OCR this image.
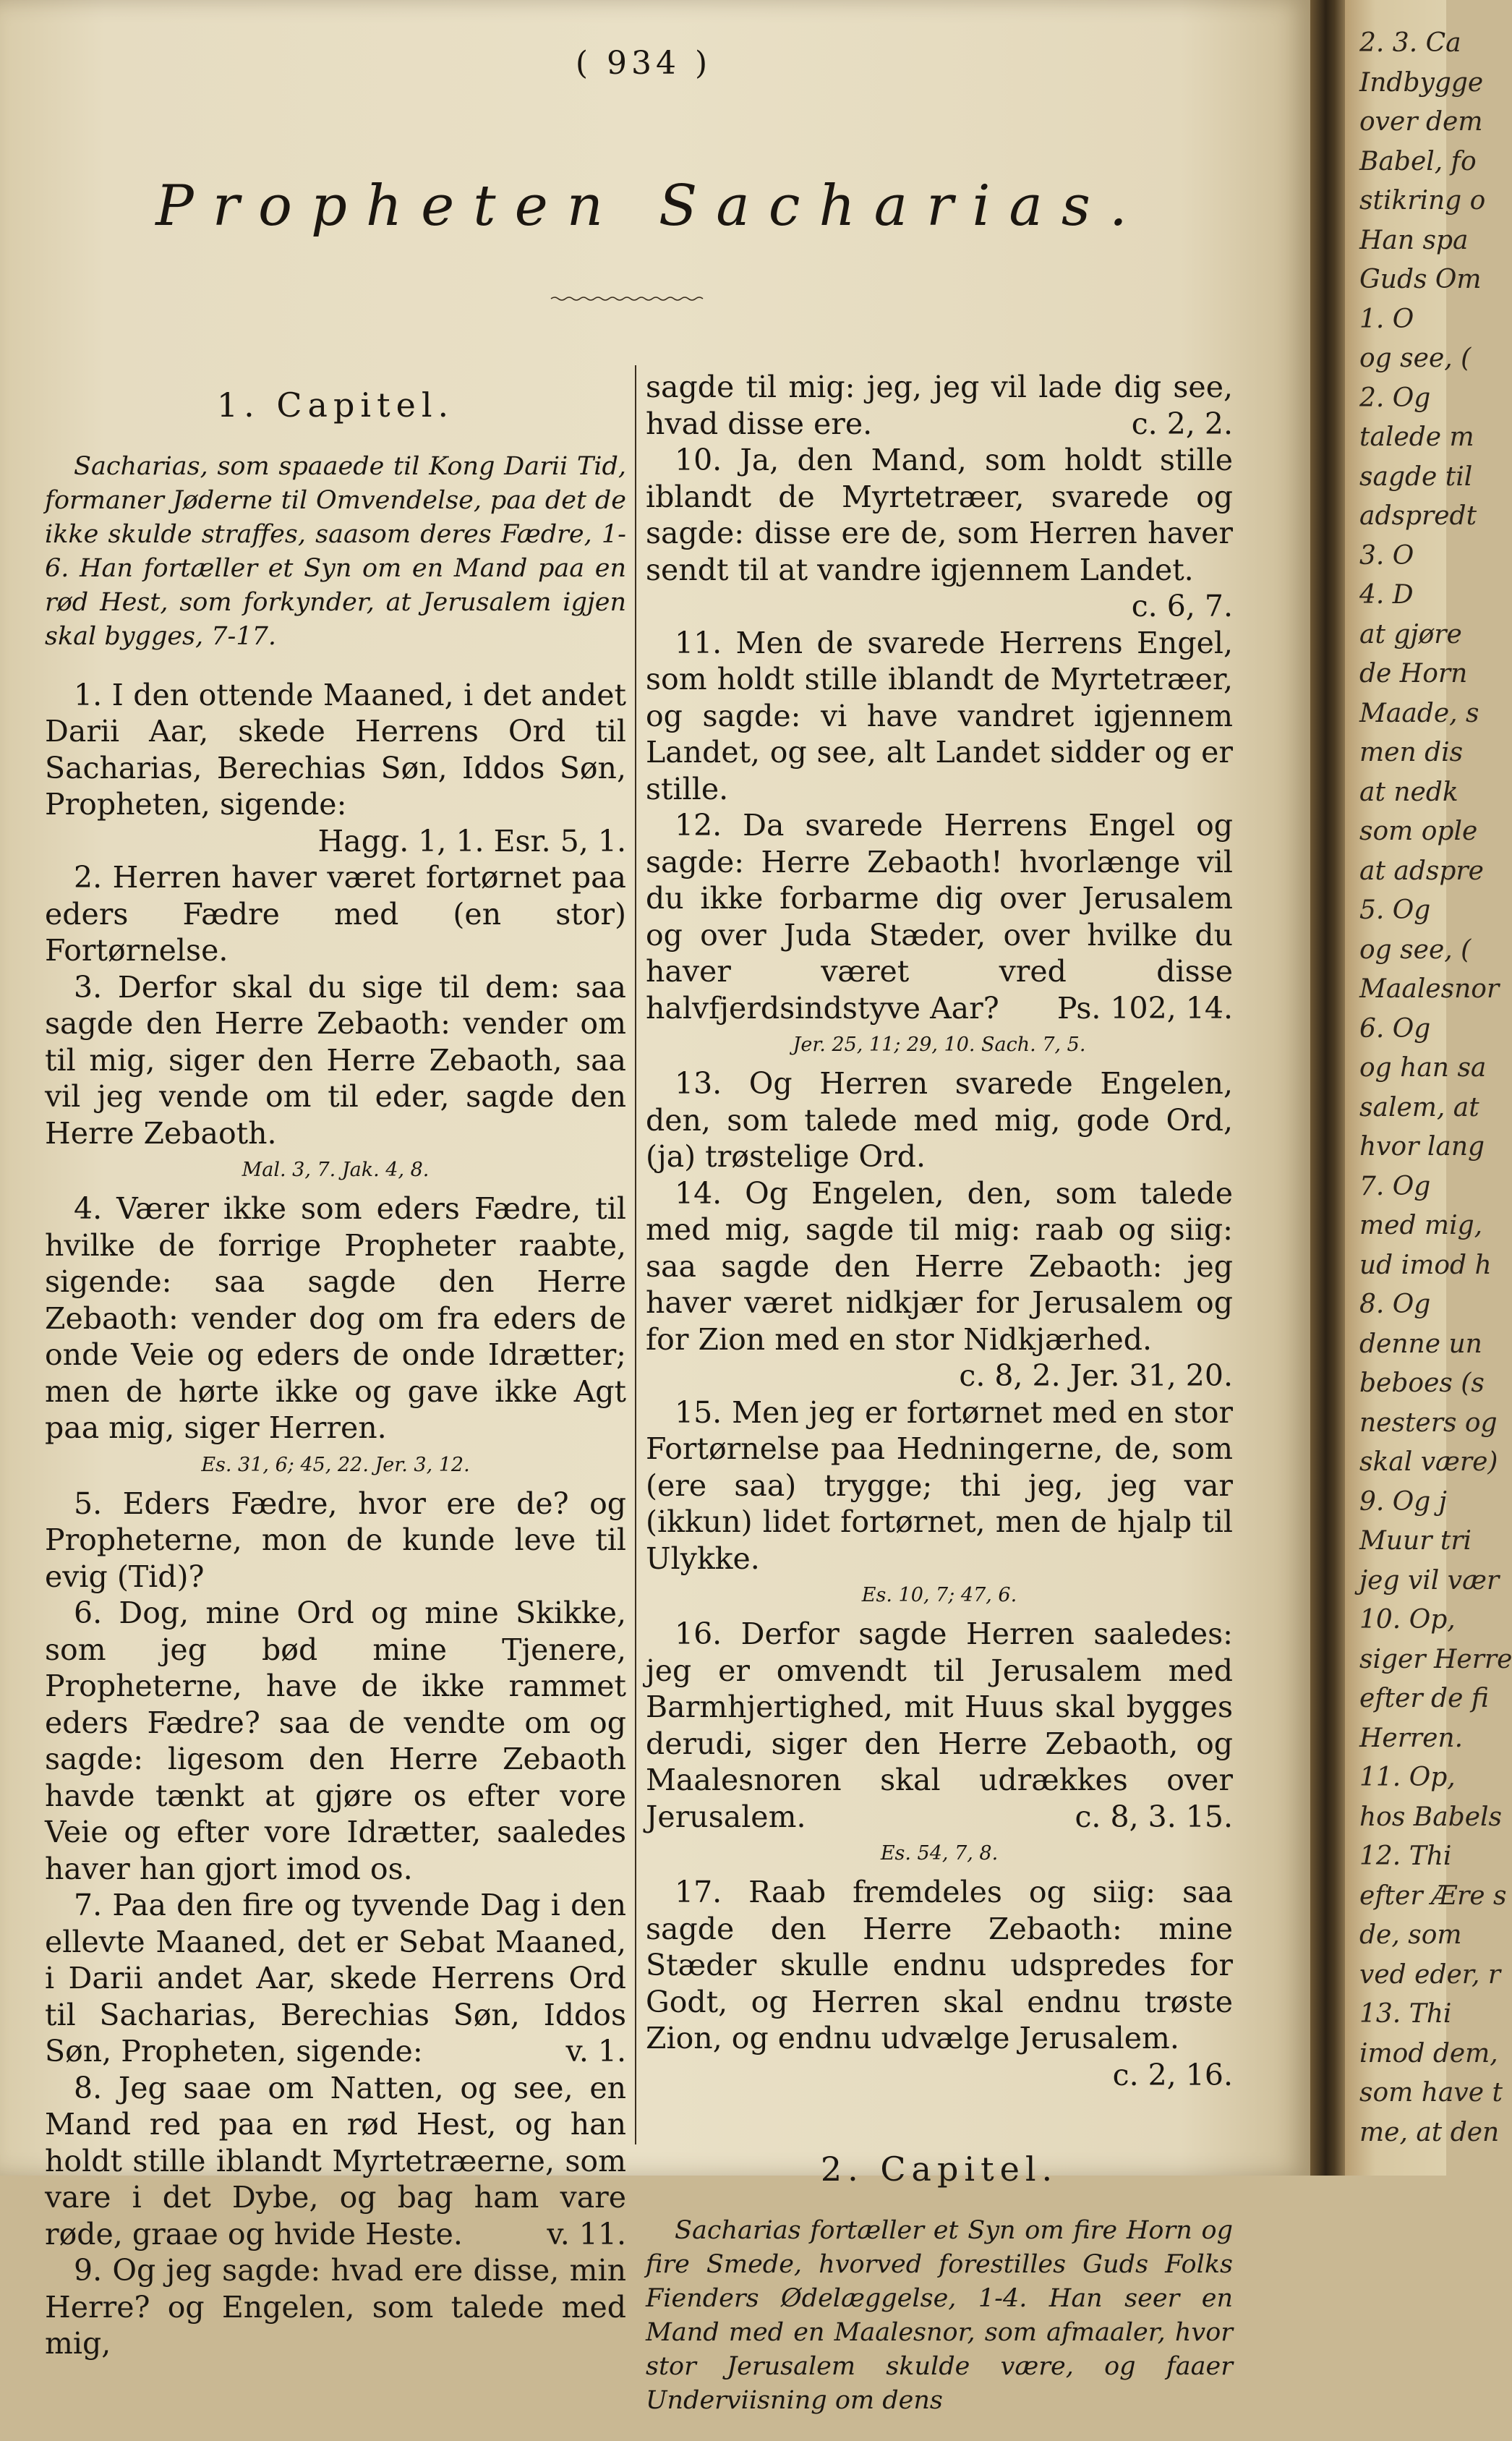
( 934 )
Propheten Sacharias.
1. Capitel.

Sacharias, som spaaede til Kong Darii Tid, formaner Jøderne til Omvendelse, paa det de ikke skulde straffes, saasom deres Fædre, 1-6. Han fortæller et Syn om en Mand paa en rød Hest, som forkynder, at Jerusalem igjen skal bygges, 7-17.

1. I den ottende Maaned, i det andet Darii Aar, skede Herrens Ord til Sacharias, Berechias Søn, Iddos Søn, Propheten, sigende:
Hagg. 1, 1. Esr. 5, 1.

2. Herren haver været fortørnet paa eders Fædre med (en stor) Fortørnelse.

3. Derfor skal du sige til dem: saa sagde den Herre Zebaoth: vender om til mig, siger den Herre Zebaoth, saa vil jeg vende om til eder, sagde den Herre Zebaoth.

Mal. 3, 7. Jak. 4, 8.

4. Værer ikke som eders Fædre, til hvilke de forrige Propheter raabte, sigende: saa sagde den Herre Zebaoth: vender dog om fra eders de onde Veie og eders de onde Idrætter; men de hørte ikke og gave ikke Agt paa mig, siger Herren.

Es. 31, 6; 45, 22. Jer. 3, 12.

5. Eders Fædre, hvor ere de? og Propheterne, mon de kunde leve til evig (Tid)?

6. Dog, mine Ord og mine Skikke, som jeg bød mine Tjenere, Propheterne, have de ikke rammet eders Fædre? saa de vendte om og sagde: ligesom den Herre Zebaoth havde tænkt at gjøre os efter vore Veie og efter vore Idrætter, saaledes haver han gjort imod os.

7. Paa den fire og tyvende Dag i den ellevte Maaned, det er Sebat Maaned, i Darii andet Aar, skede Herrens Ord til Sacharias, Berechias Søn, Iddos Søn, Propheten, sigende:	v. 1.

8. Jeg saae om Natten, og see, en Mand red paa en rød Hest, og han holdt stille iblandt Myrtetræerne, som vare i det Dybe, og bag ham vare røde, graae og hvide Heste.	v. 11.

9. Og jeg sagde: hvad ere disse, min Herre? og Engelen, som talede med mig,

sagde til mig: jeg, jeg vil lade dig see, hvad disse ere.	c. 2, 2.

10. Ja, den Mand, som holdt stille iblandt de Myrtetræer, svarede og sagde: disse ere de, som Herren haver sendt til at vandre igjennem Landet.
c. 6, 7.

11. Men de svarede Herrens Engel, som holdt stille iblandt de Myrtetræer, og sagde: vi have vandret igjennem Landet, og see, alt Landet sidder og er stille.

12. Da svarede Herrens Engel og sagde: Herre Zebaoth! hvorlænge vil du ikke forbarme dig over Jerusalem og over Juda Stæder, over hvilke du haver været vred disse halvfjerdsindstyve Aar?	Ps. 102, 14.

Jer. 25, 11; 29, 10. Sach. 7, 5.

13. Og Herren svarede Engelen, den, som talede med mig, gode Ord, (ja) trøstelige Ord.

14. Og Engelen, den, som talede med mig, sagde til mig: raab og siig: saa sagde den Herre Zebaoth: jeg haver været nidkjær for Jerusalem og for Zion med en stor Nidkjærhed.
c. 8, 2. Jer. 31, 20.

15. Men jeg er fortørnet med en stor Fortørnelse paa Hedningerne, de, som (ere saa) trygge; thi jeg, jeg var (ikkun) lidet fortørnet, men de hjalp til Ulykke.

Es. 10, 7; 47, 6.

16. Derfor sagde Herren saaledes: jeg er omvendt til Jerusalem med Barmhjertighed, mit Huus skal bygges derudi, siger den Herre Zebaoth, og Maalesnoren skal udrækkes over Jerusalem.	c. 8, 3. 15.

Es. 54, 7, 8.

17. Raab fremdeles og siig: saa sagde den Herre Zebaoth: mine Stæder skulle endnu udspredes for Godt, og Herren skal endnu trøste Zion, og endnu udvælge Jerusalem.
c. 2, 16.

2. Capitel.

Sacharias fortæller et Syn om fire Horn og fire Smede, hvorved forestilles Guds Folks Fienders Ødelæggelse, 1-4. Han seer en Mand med en Maalesnor, som afmaaler, hvor stor Jerusalem skulde være, og faaer Underviisning om dens

2. 3. Ca
Indbygge
over dem
Babel, fo
stikring o
Han spa
Guds Om
1. O
og see, (
2. Og
talede m
sagde til
adspredt
3. O
4. D
at gjøre
de Horn
Maade, s
men dis
at nedk
som ople
at adspre
5. Og
og see, (
Maalesnor
6. Og
og han sa
salem, at
hvor lang
7. Og
med mig,
ud imod h
8. Og
denne un
beboes (s
nesters og
skal være)
9. Og j
Muur tri
jeg vil vær
10. Op,
siger Herre
efter de fi
Herren.
11. Op,
hos Babels
12. Thi
efter Ære s
de, som
ved eder, r
13. Thi
imod dem,
som have t
me, at den
